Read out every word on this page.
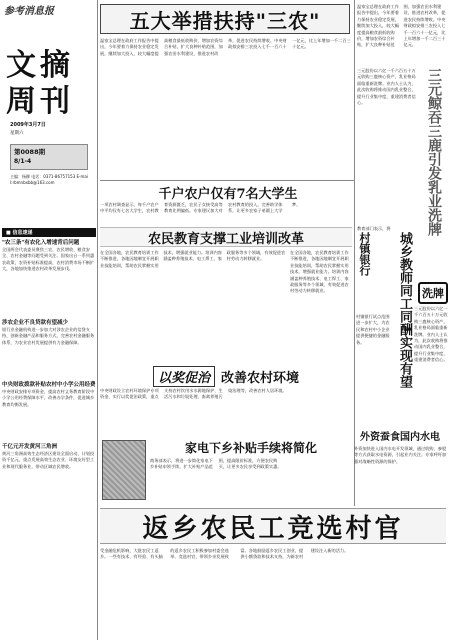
参考消息报
文 摘
周 刊
2009年3月7日
星期六
第0088期
8/1-4
主编：杨柳 电话：0371-86757153 E-mail:rbmnbxbb@163.com
■ 信息速递
"农三条"有农化入增速背后问题
全国两会代表委员聚焦三农，农民增收、粮食安全、农村金融等问题受到关注。国家出台一系列惠农政策，农资补贴标准提高，农村消费市场不断扩大，各地加快推进农村改革发展步伐。
涉农企业不良贷款有望减少
银行业金融机构进一步加大对涉农企业的信贷支持，创新金融产品和服务方式，完善农村金融服务体系，为农业农村发展提供有力金融保障。
中央财政拨款补贴农村中小学公用经费
中央财政安排专项资金，提高农村义务教育阶段中小学公用经费保障水平，改善办学条件，促进城乡教育均衡发展。
千亿元开发黄河三角洲
黄河三角洲高效生态经济区建设全面启动，计划投资千亿元，重点发展高效生态农业、环境友好型工业和现代服务业，带动区域农民增收。
五大举措扶持"三农"
温家宝总理在政府工作报告中提出，今年要着力保持农业稳定发展，继续加大投入，较大幅度提高粮食最低收购价，增加农资综合补贴，扩大良种补贴范围，加强农田水利建设，推进农村改革，促进农民持续增收。中央财政拟安排三农投入七千一百六十一亿元，比上年增加一千二百三十亿元。
温家宝总理在政府工作报告中提出，今年要着力保持农业稳定发展，继续加大投入，较大幅度提高粮食最低收购价，增加农资综合补贴，扩大良种补贴范围，加强农田水利建设，推进农村改革，促进农民持续增收。中央财政拟安排三农投入七千一百六十一亿元，比上年增加一千二百三十亿元。
千户农户仅有7名大学生
一项农村调查显示，每千户农户中平均仅有七名大学生，农村教育资源匮乏，农民子女接受高等教育比例偏低。专家建议加大对农村教育的投入，完善助学体系，让更多农家子弟圆上大学梦。
农民教育支撑工业培训改革
在全国各地，农民教育培训工作不断推进，各地因地制宜开展职业技能培训，帮助农民掌握实用技术，增强就业能力。培训内容涵盖种养殖技术、电工焊工、家政服务等多个领域，有效促进农村劳动力转移就业。
在全国各地，农民教育培训工作不断推进，各地因地制宜开展职业技能培训，帮助农民掌握实用技术，增强就业能力。培训内容涵盖种养殖技术、电工焊工、家政服务等多个领域，有效促进农村劳动力转移就业。
以奖促治 改善农村环境
中央财政设立农村环境保护专项资金，实行以奖促治政策，重点支持农村饮用水水源地保护、生活污水和垃圾处理、畜禽养殖污染治理等，改善农村人居环境。
家电下乡补贴手续将简化
商务部表示，将进一步简化家电下乡补贴申领手续，扩大补贴产品范围，提高限价标准，方便农民购买，让更多农民享受到政策实惠。
村镇银行
村镇银行试点范围进一步扩大，为农民和农村中小企业提供便捷的金融服务。	城乡教师同工同酬实现有望
教育部门表示，将
三元股份以六亿一千六百五十万元收购三鹿核心资产，乳业格局面临重新洗牌。业内人士认为，此次收购将推动国内乳业整合，提升行业集中度，重建消费者信心。	三元鲸吞三鹿引发乳业洗牌
洗牌
三元股份以六亿一千六百五十万元收购三鹿核心资产，乳业格局面临重新洗牌。业内人士认为，此次收购将推动国内乳业整合，提升行业集中度，重建消费者信心。
外资蚕食国内水电
外资加快进入国内水电开发领域，通过收购、参股等方式获取水电资源，引起业内关注。专家呼吁加强对战略性资源的保护。
返乡农民工竞选村官
受金融危机影响，大批农民工返乡。一些有技术、有经验、有头脑的返乡农民工积极参加村委会选举，竞选村官，带领乡亲发展致富。各地鼓励返乡农民工创业，提供小额贷款和技术支持，为新农村建设注入新的活力。
